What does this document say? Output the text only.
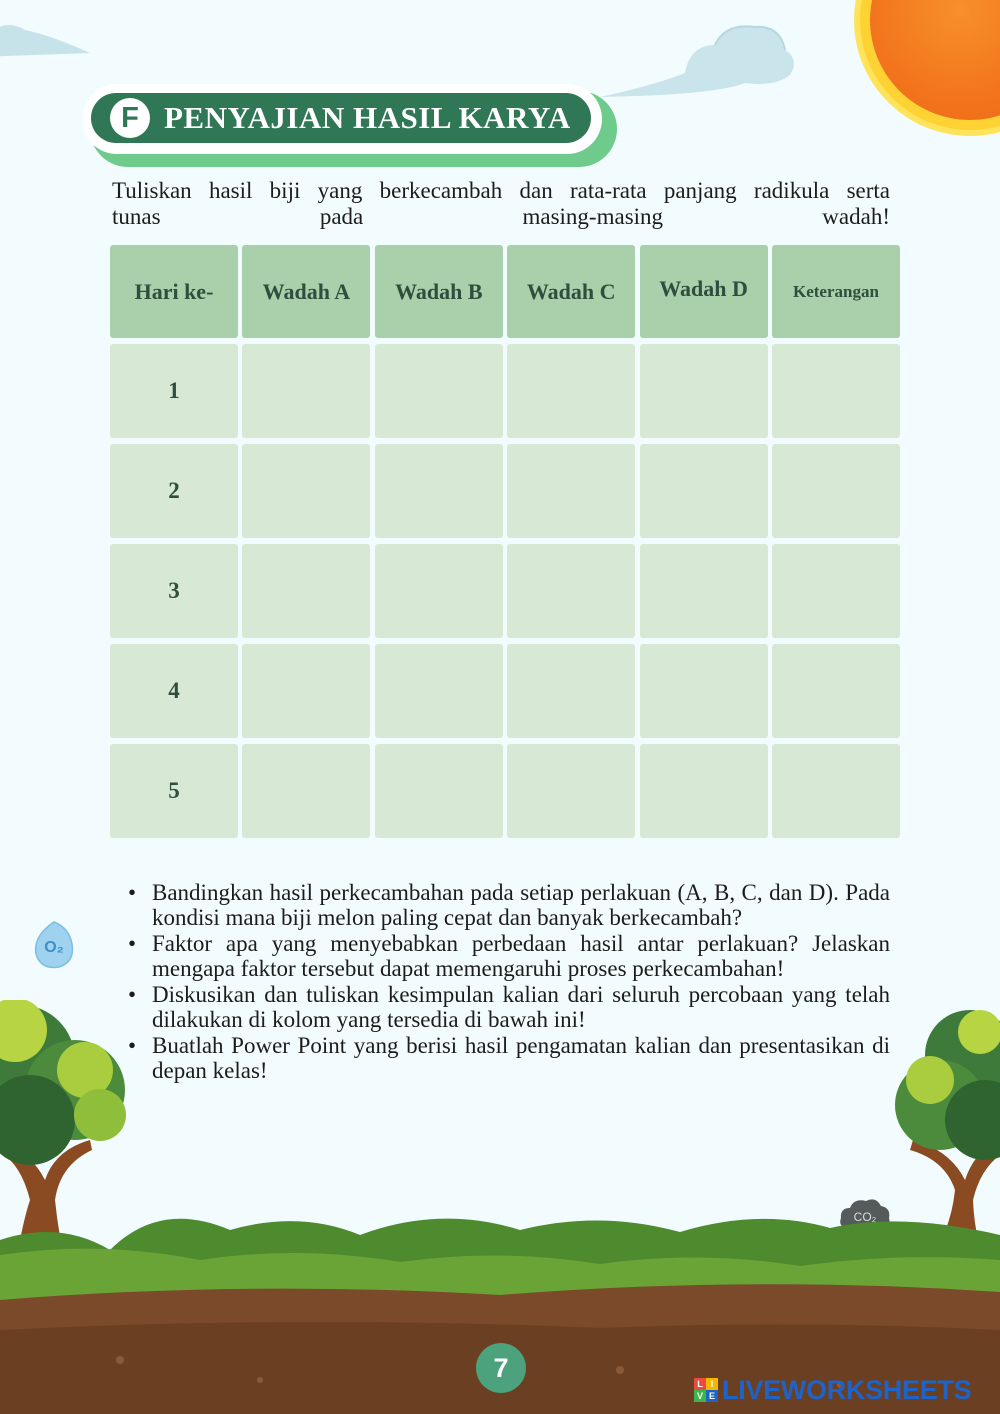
F PENYAJIAN HASIL KARYA

Tuliskan hasil biji yang berkecambah dan rata-rata panjang radikula serta
tunas pada masing-masing wadah!

Hari ke-	Wadah A	Wadah B	Wadah C	Wadah D	Keterangan
1
2
3
4
5
O₂
• Bandingkan hasil perkecambahan pada setiap perlakuan (A, B, C, dan D). Pada kondisi mana biji melon paling cepat dan banyak berkecambah?
• Faktor apa yang menyebabkan perbedaan hasil antar perlakuan? Jelaskan mengapa faktor tersebut dapat memengaruhi proses perkecambahan!
• Diskusikan dan tuliskan kesimpulan kalian dari seluruh percobaan yang telah dilakukan di kolom yang tersedia di bawah ini!
• Buatlah Power Point yang berisi hasil pengamatan kalian dan presentasikan di depan kelas!
CO₂
7
L I
V E LIVEWORKSHEETS
